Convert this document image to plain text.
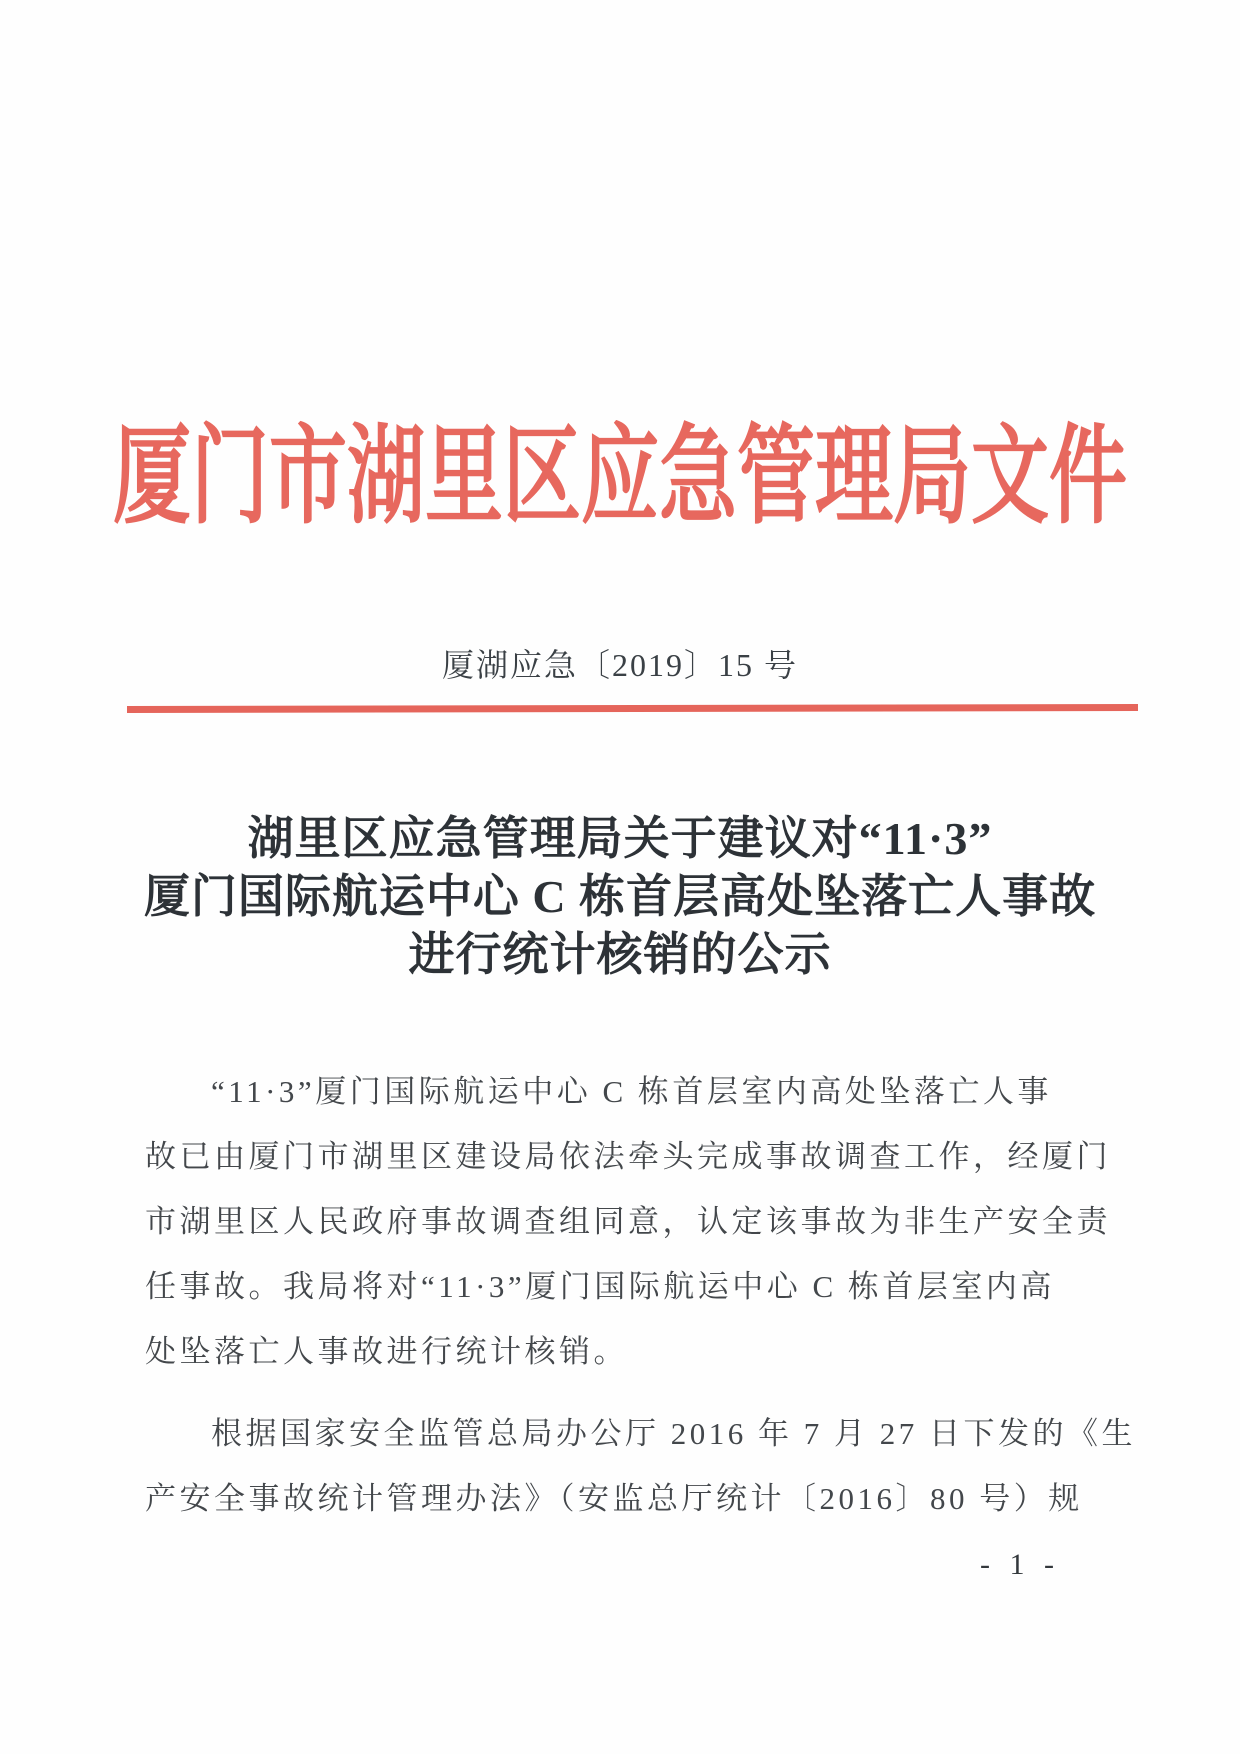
厦门市湖里区应急管理局文件
厦湖应急〔2019〕15 号
湖里区应急管理局关于建议对“11·3”
厦门国际航运中心 C 栋首层高处坠落亡人事故
进行统计核销的公示
“11·3”厦门国际航运中心 C 栋首层室内高处坠落亡人事
故已由厦门市湖里区建设局依法牵头完成事故调查工作，经厦门
市湖里区人民政府事故调查组同意，认定该事故为非生产安全责
任事故。我局将对“11·3”厦门国际航运中心 C 栋首层室内高
处坠落亡人事故进行统计核销。
根据国家安全监管总局办公厅 2016 年 7 月 27 日下发的《生
产安全事故统计管理办法》（安监总厅统计〔2016〕80 号）规
- 1 -
